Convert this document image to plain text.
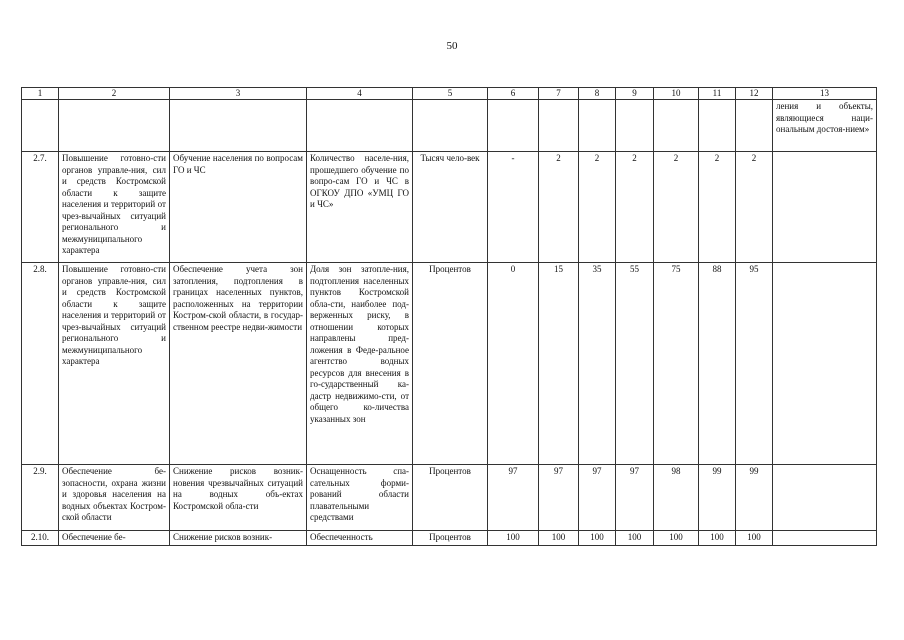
50
1	2	3	4	5	6	7	8	9	10	11	12	13
												ления и объекты, являющиеся наци-ональным достоя-нием»
2.7.	Повышение готовно-сти органов управле-ния, сил и средств Костромской области к защите населения и территорий от чрез-вычайных ситуаций регионального и межмуниципального характера	Обучение населения по вопросам ГО и ЧС	Количество населе-ния, прошедшего обучение по вопро-сам ГО и ЧС в ОГКОУ ДПО «УМЦ ГО и ЧС»	Тысяч чело-век	-	2	2	2	2	2	2	
2.8.	Повышение готовно-сти органов управле-ния, сил и средств Костромской области к защите населения и территорий от чрез-вычайных ситуаций регионального и межмуниципального характера	Обеспечение учета зон затопления, подтопления в границах населенных пунктов, расположенных на территории Костром-ской области, в государ-ственном реестре недви-жимости	Доля зон затопле-ния, подтопления населенных пунктов Костромской обла-сти, наиболее под-верженных риску, в отношении которых направлены пред-ложения в Феде-ральное агентство водных ресурсов для внесения в го-сударственный ка-дастр недвижимо-сти, от общего ко-личества указанных зон	Процентов	0	15	35	55	75	88	95	
2.9.	Обеспечение бе-зопасности, охрана жизни и здоровья населения на водных объектах Костром-ской области	Снижение рисков возник-новения чрезвычайных ситуаций на водных объ-ектах Костромской обла-сти	Оснащенность спа-сательных форми-рований области плавательными средствами	Процентов	97	97	97	97	98	99	99	
2.10.	Обеспечение бе-	Снижение рисков возник-	Обеспеченность	Процентов	100	100	100	100	100	100	100	
